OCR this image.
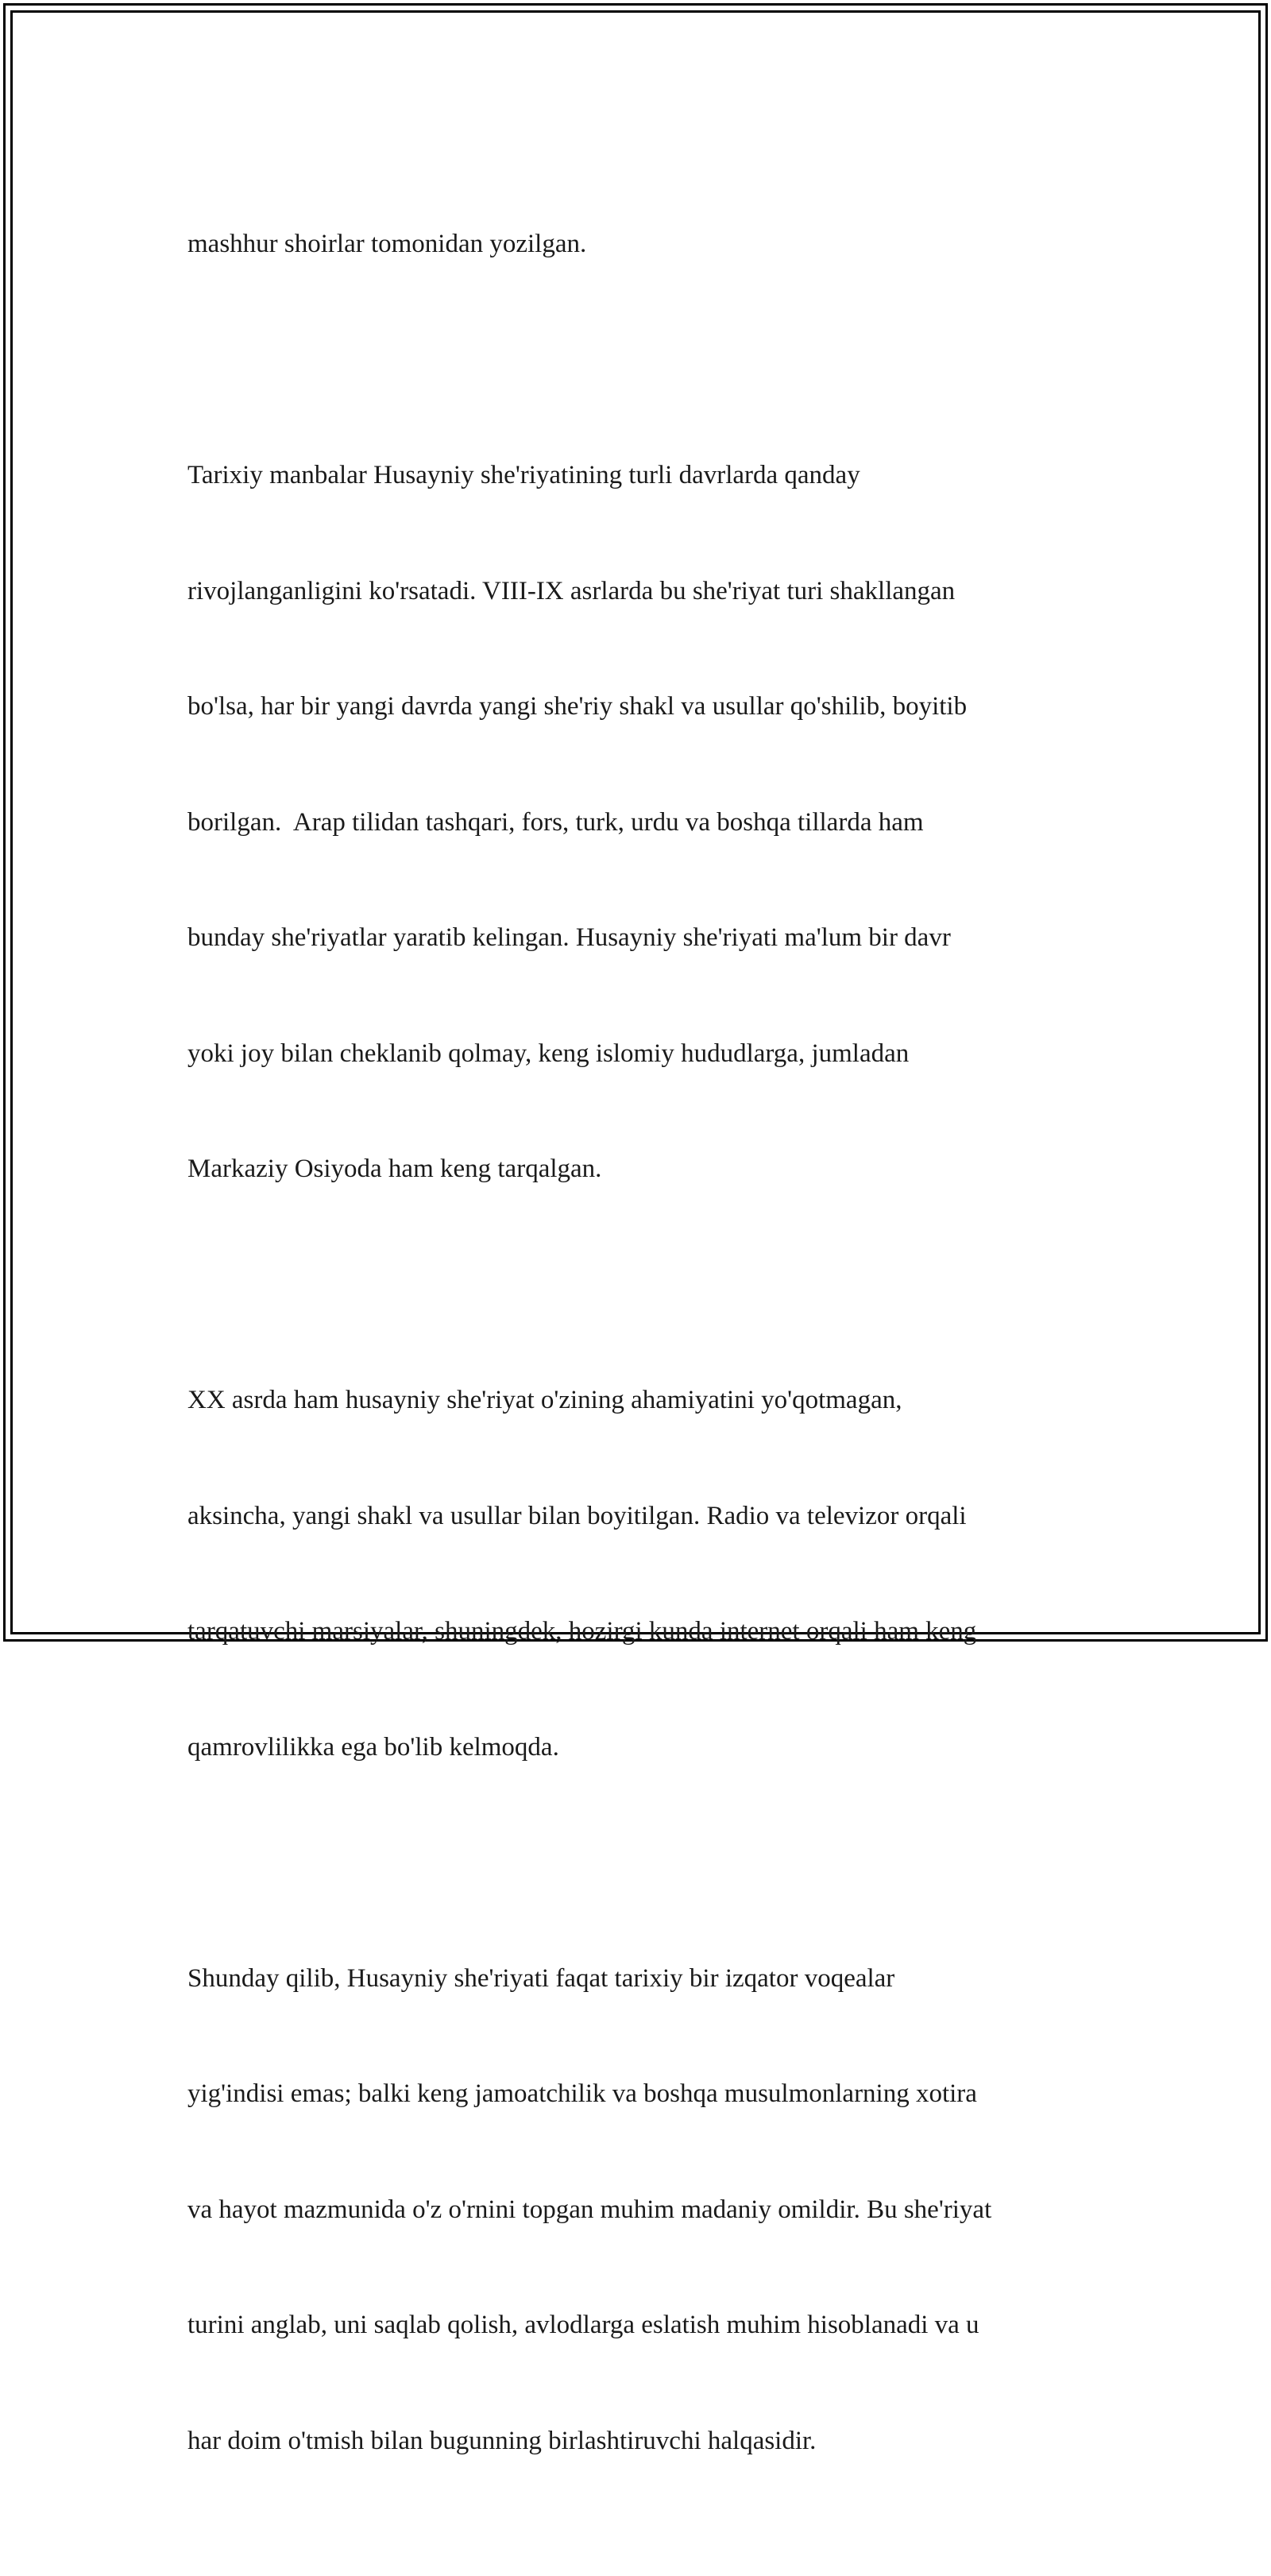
mashhur shoirlar tomonidan yozilgan.

Tarixiy manbalar Husayniy she'riyatining turli davrlarda qanday

rivojlanganligini ko'rsatadi. VIII-IX asrlarda bu she'riyat turi shakllangan

bo'lsa, har bir yangi davrda yangi she'riy shakl va usullar qo'shilib, boyitib

borilgan.  Arap tilidan tashqari, fors, turk, urdu va boshqa tillarda ham

bunday she'riyatlar yaratib kelingan. Husayniy she'riyati ma'lum bir davr

yoki joy bilan cheklanib qolmay, keng islomiy hududlarga, jumladan

Markaziy Osiyoda ham keng tarqalgan.

XX asrda ham husayniy she'riyat o'zining ahamiyatini yo'qotmagan,

aksincha, yangi shakl va usullar bilan boyitilgan. Radio va televizor orqali

tarqatuvchi marsiyalar, shuningdek, hozirgi kunda internet orqali ham keng

qamrovlilikka ega bo'lib kelmoqda.

Shunday qilib, Husayniy she'riyati faqat tarixiy bir izqator voqealar

yig'indisi emas; balki keng jamoatchilik va boshqa musulmonlarning xotira

va hayot mazmunida o'z o'rnini topgan muhim madaniy omildir. Bu she'riyat

turini anglab, uni saqlab qolish, avlodlarga eslatish muhim hisoblanadi va u

har doim o'tmish bilan bugunning birlashtiruvchi halqasidir.
